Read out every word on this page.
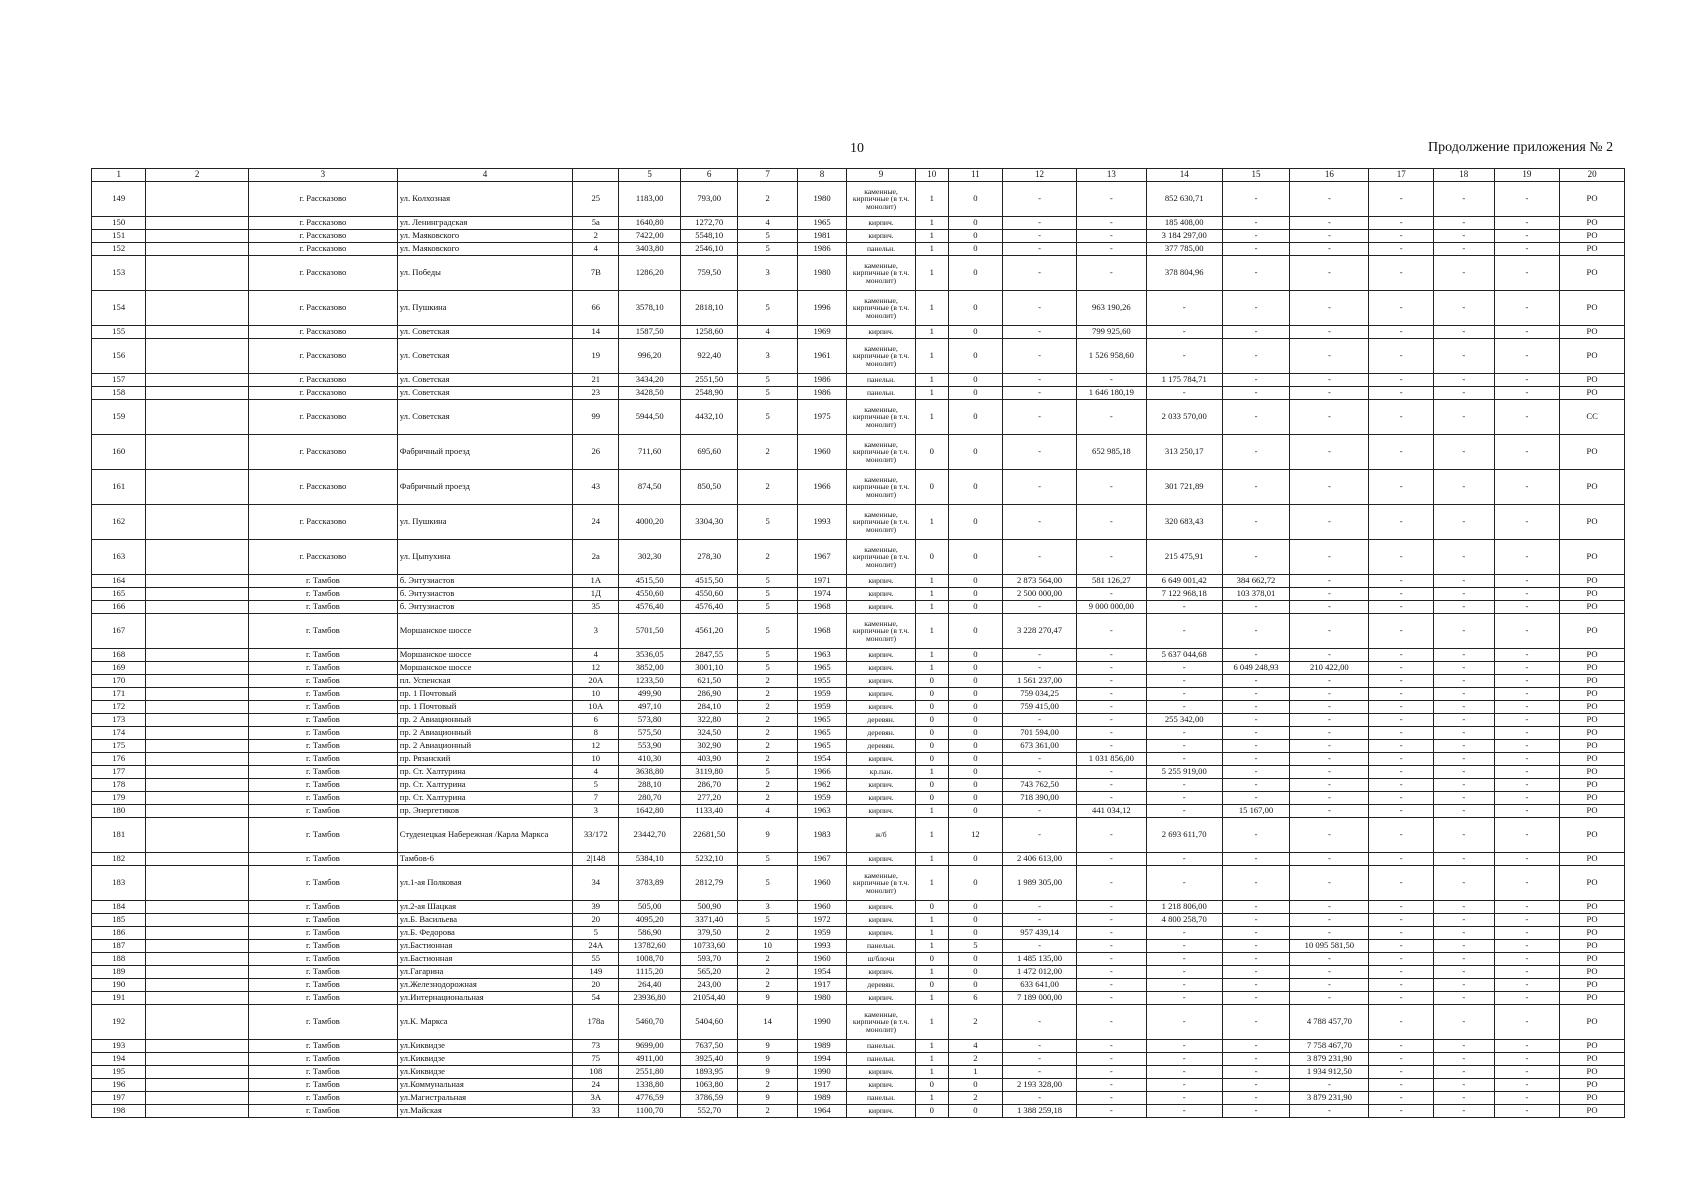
10	Продолжение приложения № 2
1	2	3	4		5	6	7	8	9	10	11	12	13	14	15	16	17	18	19	20
149		г. Рассказово	ул. Колхозная	25	1183,00	793,00	2	1980	каменные, кирпичные (в т.ч. монолит)	1	0	-	-	852 630,71	-	-	-	-	-	РО
150		г. Рассказово	ул. Ленинградская	5а	1640,80	1272,70	4	1965	кирпич.	1	0	-	-	185 408,00	-	-	-	-	-	РО
151		г. Рассказово	ул. Маяковского	2	7422,00	5548,10	5	1981	кирпич.	1	0	-	-	3 184 297,00	-	-	-	-	-	РО
152		г. Рассказово	ул. Маяковского	4	3403,80	2546,10	5	1986	панельн.	1	0	-	-	377 785,00	-	-	-	-	-	РО
153		г. Рассказово	ул. Победы	7В	1286,20	759,50	3	1980	каменные, кирпичные (в т.ч. монолит)	1	0	-	-	378 804,96	-	-	-	-	-	РО
154		г. Рассказово	ул. Пушкина	66	3578,10	2818,10	5	1996	каменные, кирпичные (в т.ч. монолит)	1	0	-	963 190,26	-	-	-	-	-	-	РО
155		г. Рассказово	ул. Советская	14	1587,50	1258,60	4	1969	кирпич.	1	0	-	799 925,60	-	-	-	-	-	-	РО
156		г. Рассказово	ул. Советская	19	996,20	922,40	3	1961	каменные, кирпичные (в т.ч. монолит)	1	0	-	1 526 958,60	-	-	-	-	-	-	РО
157		г. Рассказово	ул. Советская	21	3434,20	2551,50	5	1986	панельн.	1	0	-	-	1 175 784,71	-	-	-	-	-	РО
158		г. Рассказово	ул. Советская	23	3428,50	2548,90	5	1986	панельн.	1	0	-	1 646 180,19	-	-	-	-	-	-	РО
159		г. Рассказово	ул. Советская	99	5944,50	4432,10	5	1975	каменные, кирпичные (в т.ч. монолит)	1	0	-	-	2 033 570,00	-	-	-	-	-	СС
160		г. Рассказово	Фабричный проезд	26	711,60	695,60	2	1960	каменные, кирпичные (в т.ч. монолит)	0	0	-	652 985,18	313 250,17	-	-	-	-	-	РО
161		г. Рассказово	Фабричный проезд	43	874,50	850,50	2	1966	каменные, кирпичные (в т.ч. монолит)	0	0	-	-	301 721,89	-	-	-	-	-	РО
162		г. Рассказово	ул. Пушкина	24	4000,20	3304,30	5	1993	каменные, кирпичные (в т.ч. монолит)	1	0	-	-	320 683,43	-	-	-	-	-	РО
163		г. Рассказово	ул. Цыпухина	2а	302,30	278,30	2	1967	каменные, кирпичные (в т.ч. монолит)	0	0	-	-	215 475,91	-	-	-	-	-	РО
164		г. Тамбов	б. Энтузиастов	1А	4515,50	4515,50	5	1971	кирпич.	1	0	2 873 564,00	581 126,27	6 649 001,42	384 662,72	-	-	-	-	РО
165		г. Тамбов	б. Энтузиастов	1Д	4550,60	4550,60	5	1974	кирпич.	1	0	2 500 000,00	-	7 122 968,18	103 378,01	-	-	-	-	РО
166		г. Тамбов	б. Энтузиастов	35	4576,40	4576,40	5	1968	кирпич.	1	0	-	9 000 000,00	-	-	-	-	-	-	РО
167		г. Тамбов	Моршанское шоссе	3	5701,50	4561,20	5	1968	каменные, кирпичные (в т.ч. монолит)	1	0	3 228 270,47	-	-	-	-	-	-	-	РО
168		г. Тамбов	Моршанское шоссе	4	3536,05	2847,55	5	1963	кирпич.	1	0	-	-	5 637 044,68	-	-	-	-	-	РО
169		г. Тамбов	Моршанское шоссе	12	3852,00	3001,10	5	1965	кирпич.	1	0	-	-	-	6 049 248,93	210 422,00	-	-	-	РО
170		г. Тамбов	пл. Успенская	20А	1233,50	621,50	2	1955	кирпич.	0	0	1 561 237,00	-	-	-	-	-	-	-	РО
171		г. Тамбов	пр. 1 Почтовый	10	499,90	286,90	2	1959	кирпич.	0	0	759 034,25	-	-	-	-	-	-	-	РО
172		г. Тамбов	пр. 1 Почтовый	10А	497,10	284,10	2	1959	кирпич.	0	0	759 415,00	-	-	-	-	-	-	-	РО
173		г. Тамбов	пр. 2 Авиационный	6	573,80	322,80	2	1965	деревян.	0	0	-	-	255 342,00	-	-	-	-	-	РО
174		г. Тамбов	пр. 2 Авиационный	8	575,50	324,50	2	1965	деревян.	0	0	701 594,00	-	-	-	-	-	-	-	РО
175		г. Тамбов	пр. 2 Авиационный	12	553,90	302,90	2	1965	деревян.	0	0	673 361,00	-	-	-	-	-	-	-	РО
176		г. Тамбов	пр. Рязанский	10	410,30	403,90	2	1954	кирпич.	0	0	-	1 031 856,00	-	-	-	-	-	-	РО
177		г. Тамбов	пр. Ст. Халтурина	4	3638,80	3119,80	5	1966	кр.пан.	1	0	-	-	5 255 919,00	-	-	-	-	-	РО
178		г. Тамбов	пр. Ст. Халтурина	5	288,10	286,70	2	1962	кирпич.	0	0	743 762,50	-	-	-	-	-	-	-	РО
179		г. Тамбов	пр. Ст. Халтурина	7	280,70	277,20	2	1959	кирпич.	0	0	718 390,00	-	-	-	-	-	-	-	РО
180		г. Тамбов	пр. Энергетиков	3	1642,80	1133,40	4	1963	кирпич.	1	0	-	441 034,12	-	15 167,00	-	-	-	-	РО
181		г. Тамбов	Студенецкая Набережная /Карла Маркса	33/172	23442,70	22681,50	9	1983	ж/б	1	12	-	-	2 693 611,70	-	-	-	-	-	РО
182		г. Тамбов	Тамбов-6	2|148	5384,10	5232,10	5	1967	кирпич.	1	0	2 406 613,00	-	-	-	-	-	-	-	РО
183		г. Тамбов	ул.1-ая Полковая	34	3783,89	2812,79	5	1960	каменные, кирпичные (в т.ч. монолит)	1	0	1 989 305,00	-	-	-	-	-	-	-	РО
184		г. Тамбов	ул.2-ая Шацкая	39	505,00	500,90	3	1960	кирпич.	0	0	-	-	1 218 806,00	-	-	-	-	-	РО
185		г. Тамбов	ул.Б. Васильева	20	4095,20	3371,40	5	1972	кирпич.	1	0	-	-	4 800 258,70	-	-	-	-	-	РО
186		г. Тамбов	ул.Б. Федорова	5	586,90	379,50	2	1959	кирпич.	1	0	957 439,14	-	-	-	-	-	-	-	РО
187		г. Тамбов	ул.Бастионная	24А	13782,60	10733,60	10	1993	панельн.	1	5	-	-	-	-	10 095 581,50	-	-	-	РО
188		г. Тамбов	ул.Бастионная	55	1008,70	593,70	2	1960	ш/блочн	0	0	1 485 135,00	-	-	-	-	-	-	-	РО
189		г. Тамбов	ул.Гагарина	149	1115,20	565,20	2	1954	кирпич.	1	0	1 472 012,00	-	-	-	-	-	-	-	РО
190		г. Тамбов	ул.Железнодорожная	20	264,40	243,00	2	1917	деревян.	0	0	633 641,00	-	-	-	-	-	-	-	РО
191		г. Тамбов	ул.Интернациональная	54	23936,80	21054,40	9	1980	кирпич.	1	6	7 189 000,00	-	-	-	-	-	-	-	РО
192		г. Тамбов	ул.К. Маркса	178а	5460,70	5404,60	14	1990	каменные, кирпичные (в т.ч. монолит)	1	2	-	-	-	-	4 788 457,70	-	-	-	РО
193		г. Тамбов	ул.Киквидзе	73	9699,00	7637,50	9	1989	панельн.	1	4	-	-	-	-	7 758 467,70	-	-	-	РО
194		г. Тамбов	ул.Киквидзе	75	4911,00	3925,40	9	1994	панельн.	1	2	-	-	-	-	3 879 231,90	-	-	-	РО
195		г. Тамбов	ул.Киквидзе	108	2551,80	1893,95	9	1990	кирпич.	1	1	-	-	-	-	1 934 912,50	-	-	-	РО
196		г. Тамбов	ул.Коммунальная	24	1338,80	1063,80	2	1917	кирпич.	0	0	2 193 328,00	-	-	-	-	-	-	-	РО
197		г. Тамбов	ул.Магистральная	3А	4776,59	3786,59	9	1989	панельн.	1	2	-	-	-	-	3 879 231,90	-	-	-	РО
198		г. Тамбов	ул.Майская	33	1100,70	552,70	2	1964	кирпич.	0	0	1 388 259,18	-	-	-	-	-	-	-	РО
